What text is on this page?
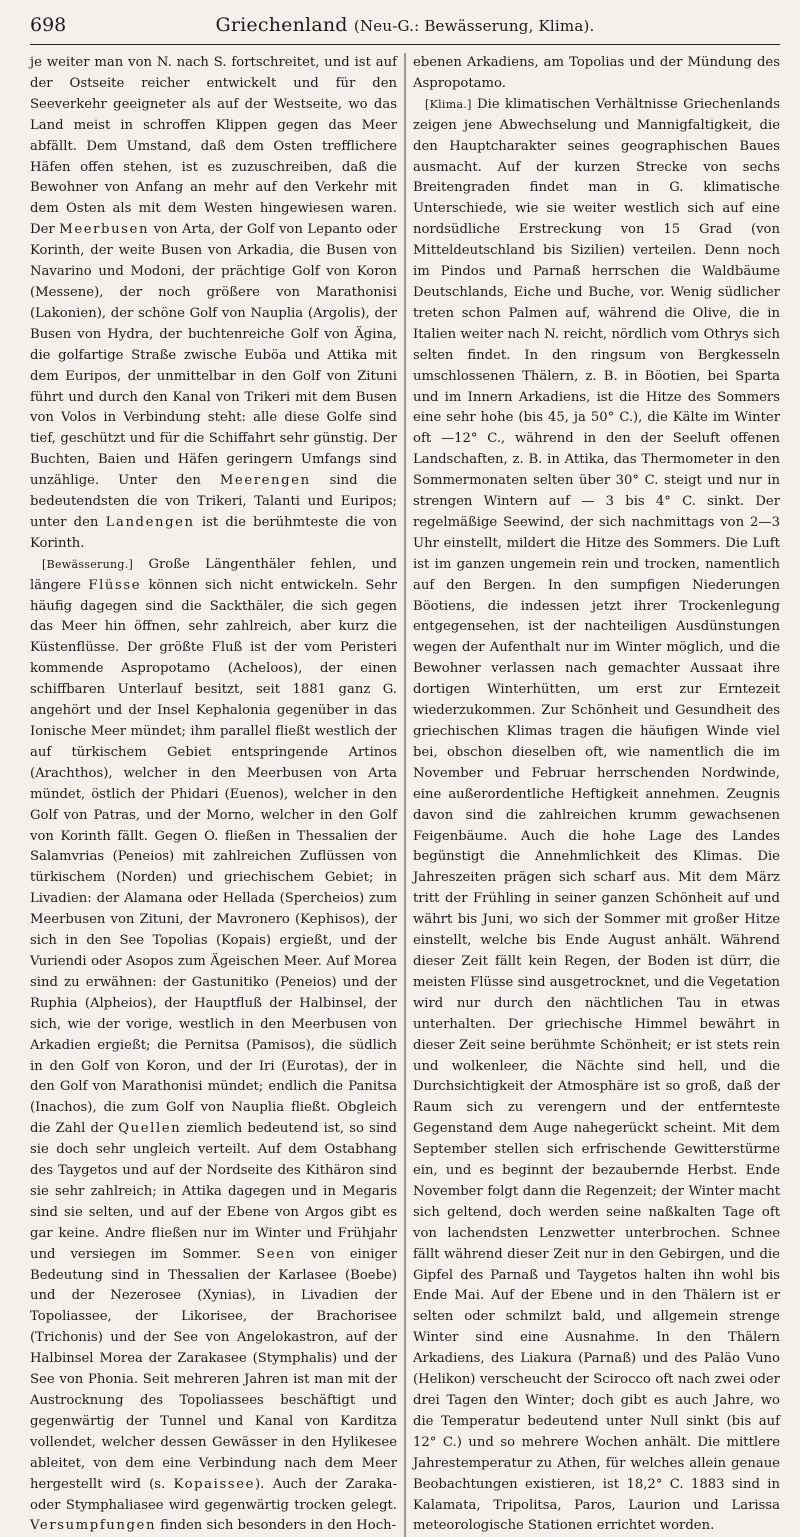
698	Griechenland (Neu-G.: Bewässerung, Klima).

je weiter man von N. nach S. fortschreitet, und ist auf der Ostseite reicher entwickelt und für den Seeverkehr geeigneter als auf der Westseite, wo das Land meist in schroffen Klippen gegen das Meer abfällt. Dem Umstand, daß dem Osten trefflichere Häfen offen stehen, ist es zuzuschreiben, daß die Bewohner von Anfang an mehr auf den Verkehr mit dem Osten als mit dem Westen hingewiesen waren. Der Meerbusen von Arta, der Golf von Lepanto oder Korinth, der weite Busen von Arkadia, die Busen von Navarino und Modoni, der prächtige Golf von Koron (Messene), der noch größere von Marathonisi (Lakonien), der schöne Golf von Nauplia (Argolis), der Busen von Hydra, der buchtenreiche Golf von Ägina, die golfartige Straße zwische Euböa und Attika mit dem Euripos, der unmittelbar in den Golf von Zituni führt und durch den Kanal von Trikeri mit dem Busen von Volos in Verbindung steht: alle diese Golfe sind tief, geschützt und für die Schiffahrt sehr günstig. Der Buchten, Baien und Häfen geringern Umfangs sind unzählige. Unter den Meerengen sind die bedeutendsten die von Trikeri, Talanti und Euripos; unter den Landengen ist die berühmteste die von Korinth.

[Bewässerung.] Große Längenthäler fehlen, und längere Flüsse können sich nicht entwickeln. Sehr häufig dagegen sind die Sackthäler, die sich gegen das Meer hin öffnen, sehr zahlreich, aber kurz die Küstenflüsse. Der größte Fluß ist der vom Peristeri kommende Aspropotamo (Acheloos), der einen schiffbaren Unterlauf besitzt, seit 1881 ganz G. angehört und der Insel Kephalonia gegenüber in das Ionische Meer mündet; ihm parallel fließt westlich der auf türkischem Gebiet entspringende Artinos (Arachthos), welcher in den Meerbusen von Arta mündet, östlich der Phidari (Euenos), welcher in den Golf von Patras, und der Morno, welcher in den Golf von Korinth fällt. Gegen O. fließen in Thessalien der Salamvrias (Peneios) mit zahlreichen Zuflüssen von türkischem (Norden) und griechischem Gebiet; in Livadien: der Alamana oder Hellada (Spercheios) zum Meerbusen von Zituni, der Mavronero (Kephisos), der sich in den See Topolias (Kopais) ergießt, und der Vuriendi oder Asopos zum Ägeischen Meer. Auf Morea sind zu erwähnen: der Gastunitiko (Peneios) und der Ruphia (Alpheios), der Hauptfluß der Halbinsel, der sich, wie der vorige, westlich in den Meerbusen von Arkadien ergießt; die Pernitsa (Pamisos), die südlich in den Golf von Koron, und der Iri (Eurotas), der in den Golf von Marathonisi mündet; endlich die Panitsa (Inachos), die zum Golf von Nauplia fließt. Obgleich die Zahl der Quellen ziemlich bedeutend ist, so sind sie doch sehr ungleich verteilt. Auf dem Ostabhang des Taygetos und auf der Nordseite des Kithäron sind sie sehr zahlreich; in Attika dagegen und in Megaris sind sie selten, und auf der Ebene von Argos gibt es gar keine. Andre fließen nur im Winter und Frühjahr und versiegen im Sommer. Seen von einiger Bedeutung sind in Thessalien der Karlasee (Boebe) und der Nezerosee (Xynias), in Livadien der Topoliassee, der Likorisee, der Brachorisee (Trichonis) und der See von Angelokastron, auf der Halbinsel Morea der Zarakasee (Stymphalis) und der See von Phonia. Seit mehreren Jahren ist man mit der Austrocknung des Topoliassees beschäftigt und gegenwärtig der Tunnel und Kanal von Karditza vollendet, welcher dessen Gewässer in den Hylikesee ableitet, von dem eine Verbindung nach dem Meer hergestellt wird (s. Kopaissee). Auch der Zaraka- oder Stymphaliasee wird gegenwärtig trocken gelegt. Versumpfungen finden sich besonders in den Hoch-

ebenen Arkadiens, am Topolias und der Mündung des Aspropotamo.

[Klima.] Die klimatischen Verhältnisse Griechenlands zeigen jene Abwechselung und Mannigfaltigkeit, die den Hauptcharakter seines geographischen Baues ausmacht. Auf der kurzen Strecke von sechs Breitengraden findet man in G. klimatische Unterschiede, wie sie weiter westlich sich auf eine nordsüdliche Erstreckung von 15 Grad (von Mitteldeutschland bis Sizilien) verteilen. Denn noch im Pindos und Parnaß herrschen die Waldbäume Deutschlands, Eiche und Buche, vor. Wenig südlicher treten schon Palmen auf, während die Olive, die in Italien weiter nach N. reicht, nördlich vom Othrys sich selten findet. In den ringsum von Bergkesseln umschlossenen Thälern, z. B. in Böotien, bei Sparta und im Innern Arkadiens, ist die Hitze des Sommers eine sehr hohe (bis 45, ja 50° C.), die Kälte im Winter oft —12° C., während in den der Seeluft offenen Landschaften, z. B. in Attika, das Thermometer in den Sommermonaten selten über 30° C. steigt und nur in strengen Wintern auf — 3 bis 4° C. sinkt. Der regelmäßige Seewind, der sich nachmittags von 2—3 Uhr einstellt, mildert die Hitze des Sommers. Die Luft ist im ganzen ungemein rein und trocken, namentlich auf den Bergen. In den sumpfigen Niederungen Böotiens, die indessen jetzt ihrer Trockenlegung entgegensehen, ist der nachteiligen Ausdünstungen wegen der Aufenthalt nur im Winter möglich, und die Bewohner verlassen nach gemachter Aussaat ihre dortigen Winterhütten, um erst zur Erntezeit wiederzukommen. Zur Schönheit und Gesundheit des griechischen Klimas tragen die häufigen Winde viel bei, obschon dieselben oft, wie namentlich die im November und Februar herrschenden Nordwinde, eine außerordentliche Heftigkeit annehmen. Zeugnis davon sind die zahlreichen krumm gewachsenen Feigenbäume. Auch die hohe Lage des Landes begünstigt die Annehmlichkeit des Klimas. Die Jahreszeiten prägen sich scharf aus. Mit dem März tritt der Frühling in seiner ganzen Schönheit auf und währt bis Juni, wo sich der Sommer mit großer Hitze einstellt, welche bis Ende August anhält. Während dieser Zeit fällt kein Regen, der Boden ist dürr, die meisten Flüsse sind ausgetrocknet, und die Vegetation wird nur durch den nächtlichen Tau in etwas unterhalten. Der griechische Himmel bewährt in dieser Zeit seine berühmte Schönheit; er ist stets rein und wolkenleer, die Nächte sind hell, und die Durchsichtigkeit der Atmosphäre ist so groß, daß der Raum sich zu verengern und der entfernteste Gegenstand dem Auge nahegerückt scheint. Mit dem September stellen sich erfrischende Gewitterstürme ein, und es beginnt der bezaubernde Herbst. Ende November folgt dann die Regenzeit; der Winter macht sich geltend, doch werden seine naßkalten Tage oft von lachendsten Lenzwetter unterbrochen. Schnee fällt während dieser Zeit nur in den Gebirgen, und die Gipfel des Parnaß und Taygetos halten ihn wohl bis Ende Mai. Auf der Ebene und in den Thälern ist er selten oder schmilzt bald, und allgemein strenge Winter sind eine Ausnahme. In den Thälern Arkadiens, des Liakura (Parnaß) und des Paläo Vuno (Helikon) verscheucht der Scirocco oft nach zwei oder drei Tagen den Winter; doch gibt es auch Jahre, wo die Temperatur bedeutend unter Null sinkt (bis auf 12° C.) und so mehrere Wochen anhält. Die mittlere Jahrestemperatur zu Athen, für welches allein genaue Beobachtungen existieren, ist 18,2° C. 1883 sind in Kalamata, Tripolitsa, Paros, Laurion und Larissa meteorologische Stationen errichtet worden.
